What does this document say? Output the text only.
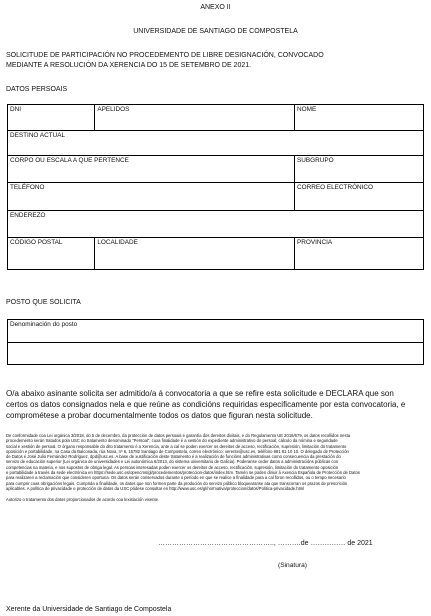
ANEXO II
UNIVERSIDADE DE SANTIAGO DE COMPOSTELA
SOLICITUDE DE PARTICIPACIÓN NO PROCEDEMENTO DE LIBRE DESIGNACIÓN, CONVOCADO
MEDIANTE A RESOLUCIÓN DA XERENCIA DO 15 DE SETEMBRO DE 2021.
DATOS PERSOAIS
DNI	APELIDOS	NOME
DESTINO ACTUAL		
CORPO OU ESCALA A QUE PERTENCE		SUBGRUPO
TELÉFONO		CORREO ELECTRÓNICO
ENDEREZO		
CÓDIGO POSTAL	LOCALIDADE	PROVINCIA
POSTO QUE SOLICITA
Denominación do posto

O/a abaixo asinante solicita ser admitido/a á convocatoria a que se refire esta solicitude e DECLARA que son
certos os datos consignados nela e que reúne as condicións requiridas especificamente por esta convocatoria, e
comprométese a probar documentalmente todos os datos que figuran nesta solicitude.
De conformidade coa Lei orgánica 3/2018, do 5 de decembro, da protección de datos persoais e garantía dos dereitos dixitais, e do Regulamento UE 2016/679, os datos recollidos nesta
procedemento serán tratados pola USC no tratamento denominado "Persoal", cuxa finalidade é a xestión do expediente administrativo do persoal, cálculo da nómina e seguridade
social e xestión de persoal. O órgano responsable do dito tratamento é a Xerencia, ante a cal se poden exercer os dereitos de acceso, rectificación, supresión, limitación do tratamento
oposición e portabilidade, na Casa da Balconada, rúa Nova, nº 6, 15782 Santiago de Compostela, correo electrónico: xerente@usc.es, teléfono 881 81 10 10. O delegado de Protección
de Datos é José Julio Fernández Rodríguez, dpd@usc.es. A base de xustificación deste tratamento é a realización de funcións administrativas como consecuencia da prestación do
servizo de educación superior (Lei orgánica de universidades e Lei autonómica 6/2013, do sistema universitario de Galicia). Poderanse ceder datos a administracións públicas con
competencias na materia, e nos supostos de obriga legal. As persoas interesadas poden exercer os dereitos de acceso, rectificación, supresión, limitación do tratamento oposición
e portabilidade a través da sede electrónica en https://sede.usc.es/opencms/gl/procedementos/proteccion-datos/index.htm. Tamén se poden dirixir á Axencia Española de Protección de Datos
para realizaren a reclamación que consideren oportuna. Os datos serán conservados durante o período en que se realice a finalidade para a cal foron recollidos, ou o tempo necesario
para cumprir coas obrigacións legais. Cumprida a finalidade, os datos que non formen parte da produción do servizo público bloquearanse ata que transcorran os prazos de prescrición
aplicables. A política de privacidade e protección de datos da USC pódese consultar en http://www.usc.es/gl/normativa/proteccion/datos/Politica-privacidade.html
Autorizo o tratamento dos datos proporcionados de acordo coa lexislación vixente.
………………………………………….., ……….de …………… de 2021
(Sinatura)
Xerente da Universidade de Santiago de Compostela
